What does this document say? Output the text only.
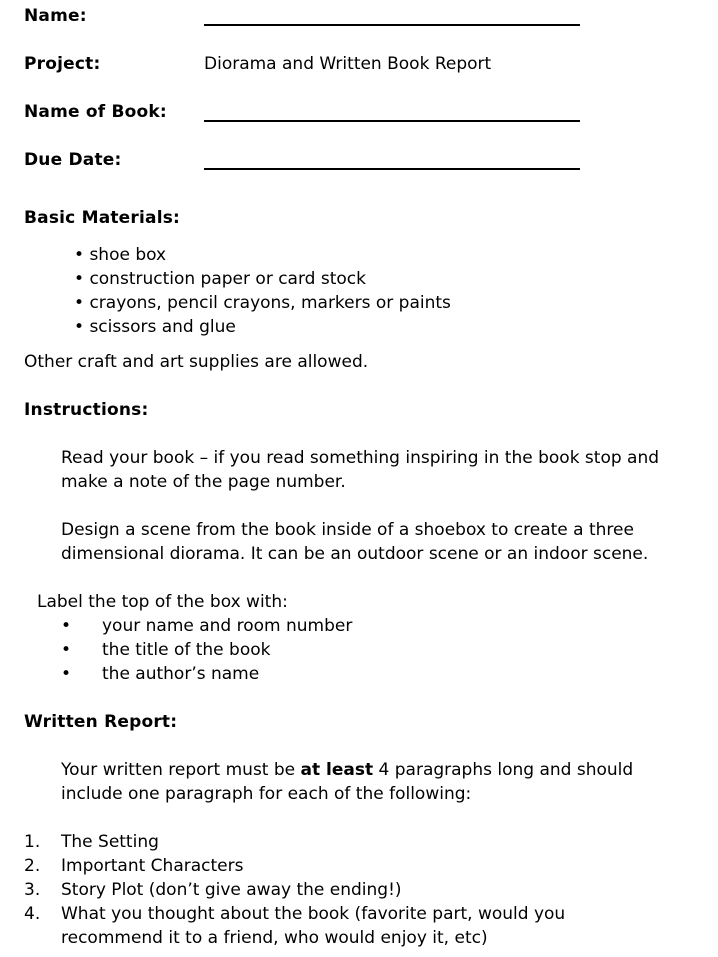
Name:
Project:	Diorama and Written Book Report
Name of Book:
Due Date:
Basic Materials:
• shoe box
• construction paper or card stock
• crayons, pencil crayons, markers or paints
• scissors and glue
Other craft and art supplies are allowed.
Instructions:
Read your book – if you read something inspiring in the book stop and
make a note of the page number.
Design a scene from the book inside of a shoebox to create a three
dimensional diorama. It can be an outdoor scene or an indoor scene.
Label the top of the box with:
• your name and room number
• the title of the book
• the author’s name
Written Report:
Your written report must be at least 4 paragraphs long and should
include one paragraph for each of the following:
1. The Setting
2. Important Characters
3. Story Plot (don’t give away the ending!)
4. What you thought about the book (favorite part, would you
recommend it to a friend, who would enjoy it, etc)
